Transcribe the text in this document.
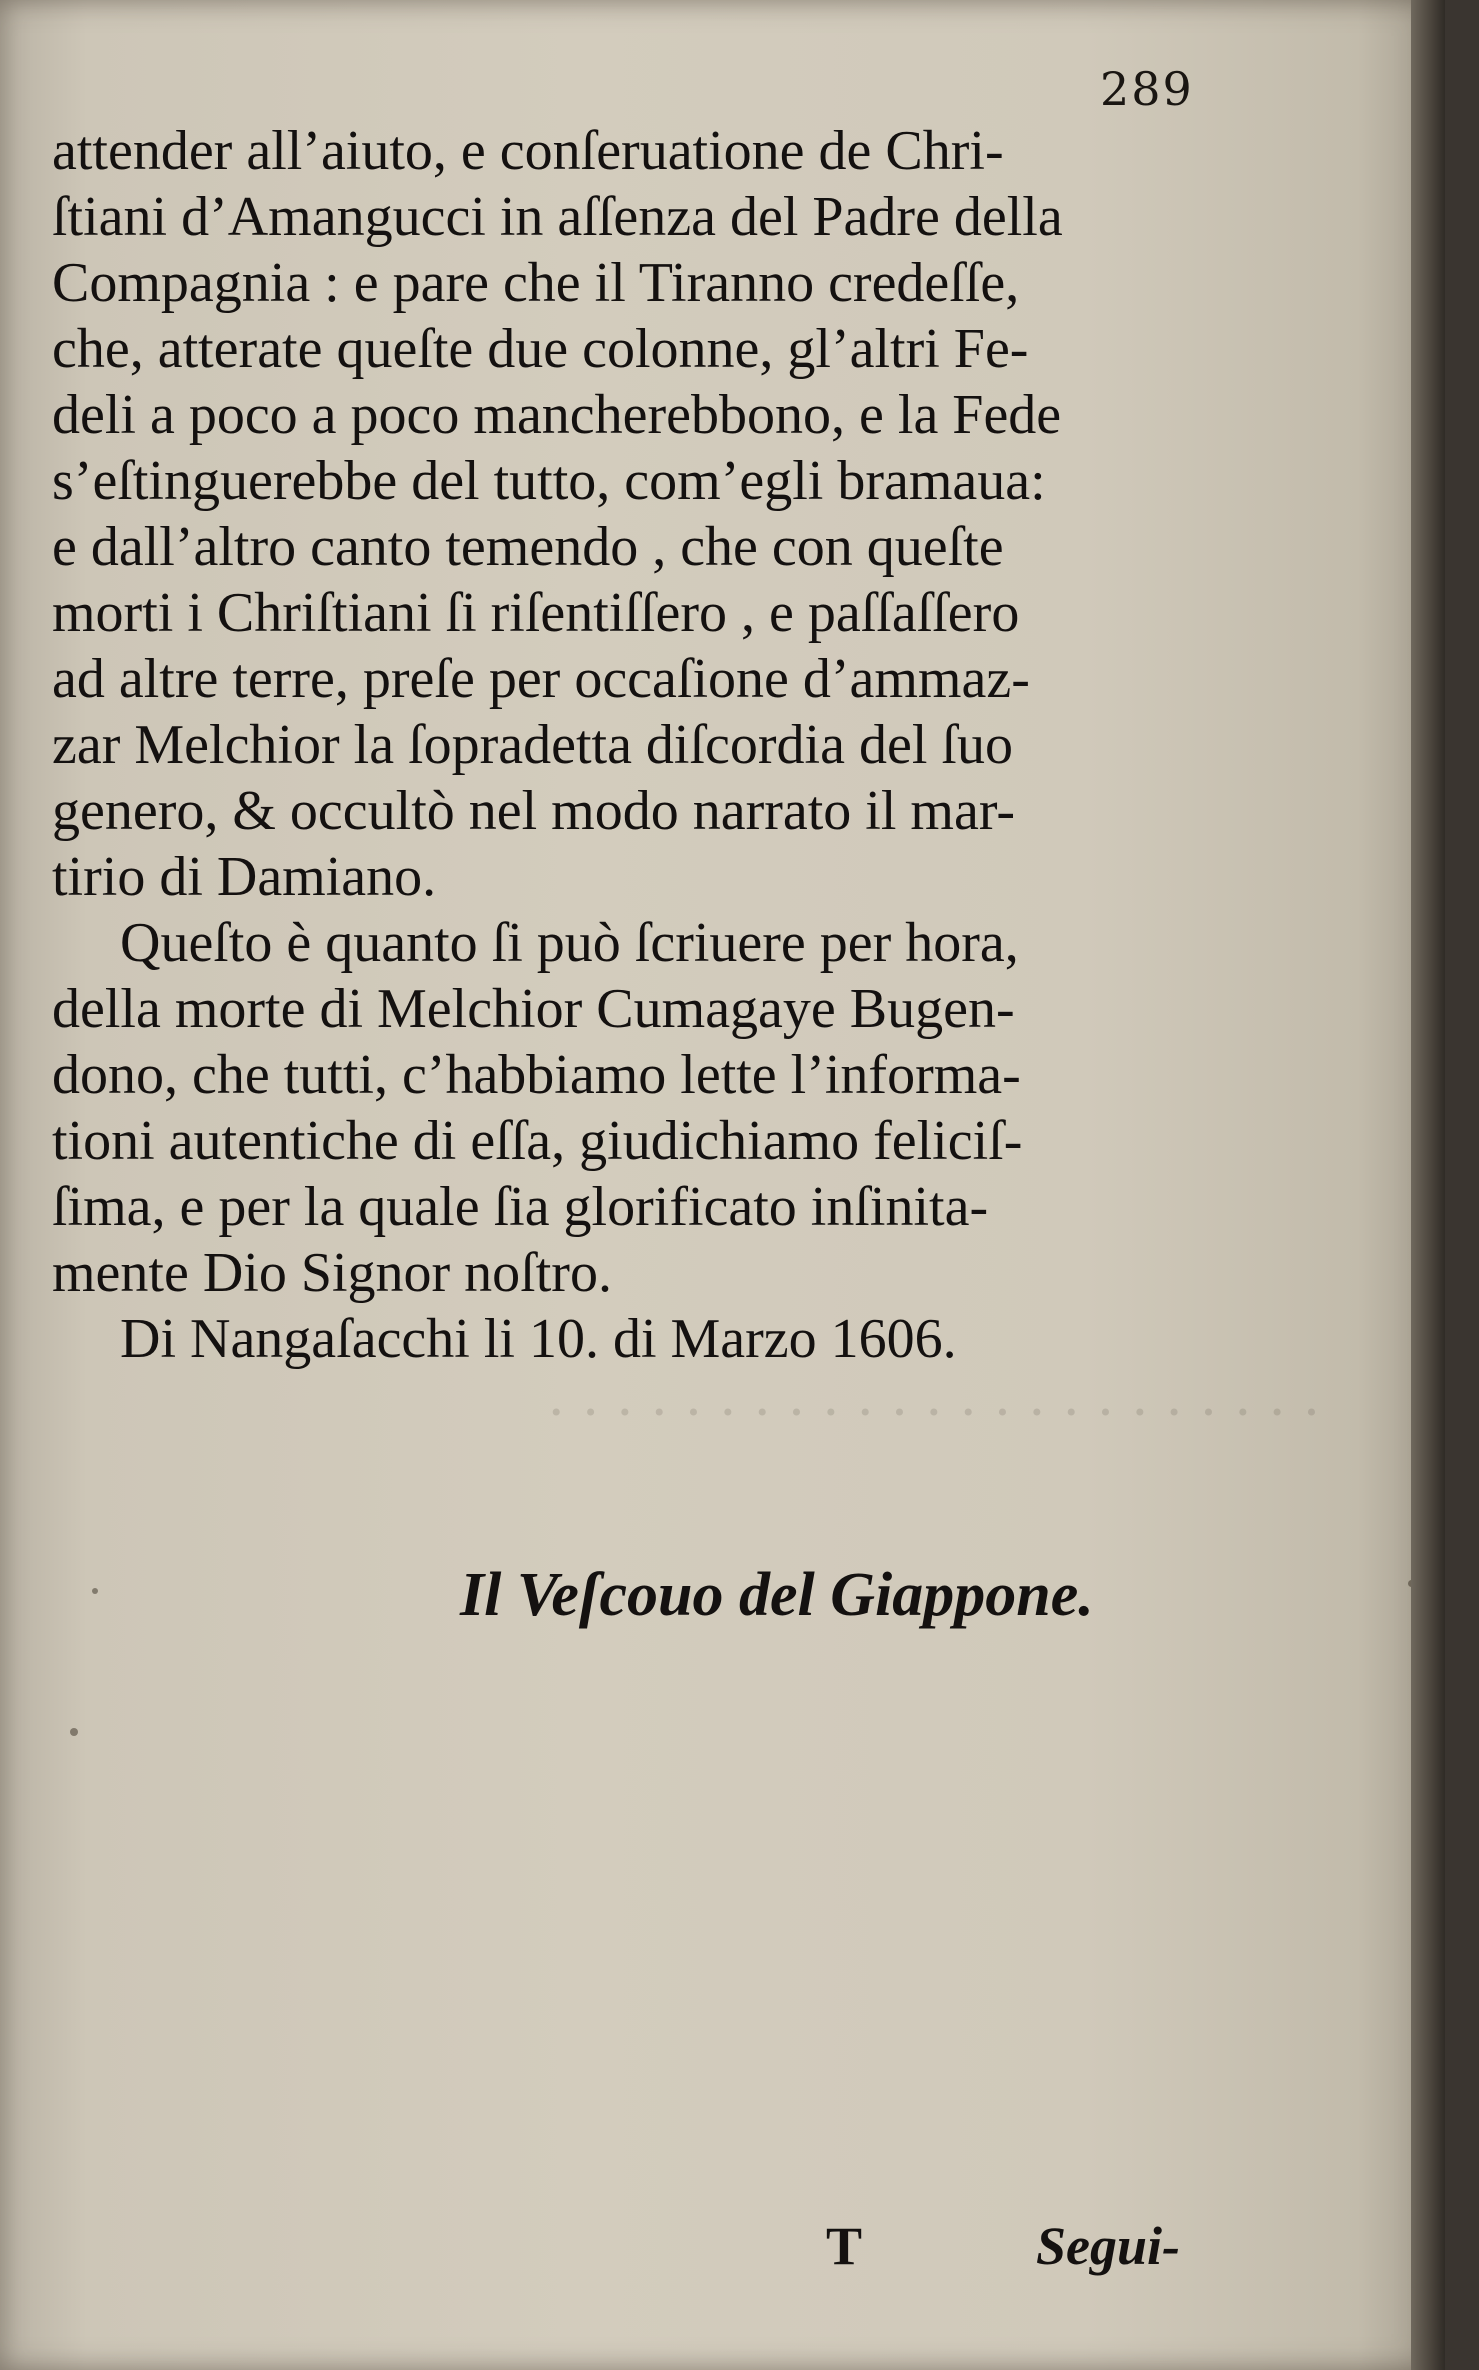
· · · · · · · · · · · · · · · · · · · · · · ·
289
attender all’aiuto, e conſeruatione de Chri-
ſtiani d’Amangucci in aſſenza del Padre della
Compagnia : e pare che il Tiranno credeſſe,
che, atterate queſte due colonne, gl’altri Fe-
deli a poco a poco mancherebbono, e la Fede
s’eſtinguerebbe del tutto, com’egli bramaua:
e dall’altro canto temendo , che con queſte
morti i Chriſtiani ſi riſentiſſero , e paſſaſſero
ad altre terre, preſe per occaſione d’ammaz-
zar Melchior la ſopradetta diſcordia del ſuo
genero, & occultò nel modo narrato il mar-
tirio di Damiano.
Queſto è quanto ſi può ſcriuere per hora,
della morte di Melchior Cumagaye Bugen-
dono, che tutti, c’habbiamo lette l’informa-
tioni autentiche di eſſa, giudichiamo feliciſ-
ſima, e per la quale ſia glorificato inſinita-
mente Dio Signor noſtro.
Di Nangaſacchi li 10. di Marzo 1606.
Il Veſcouo del Giappone.
T	Segui-
